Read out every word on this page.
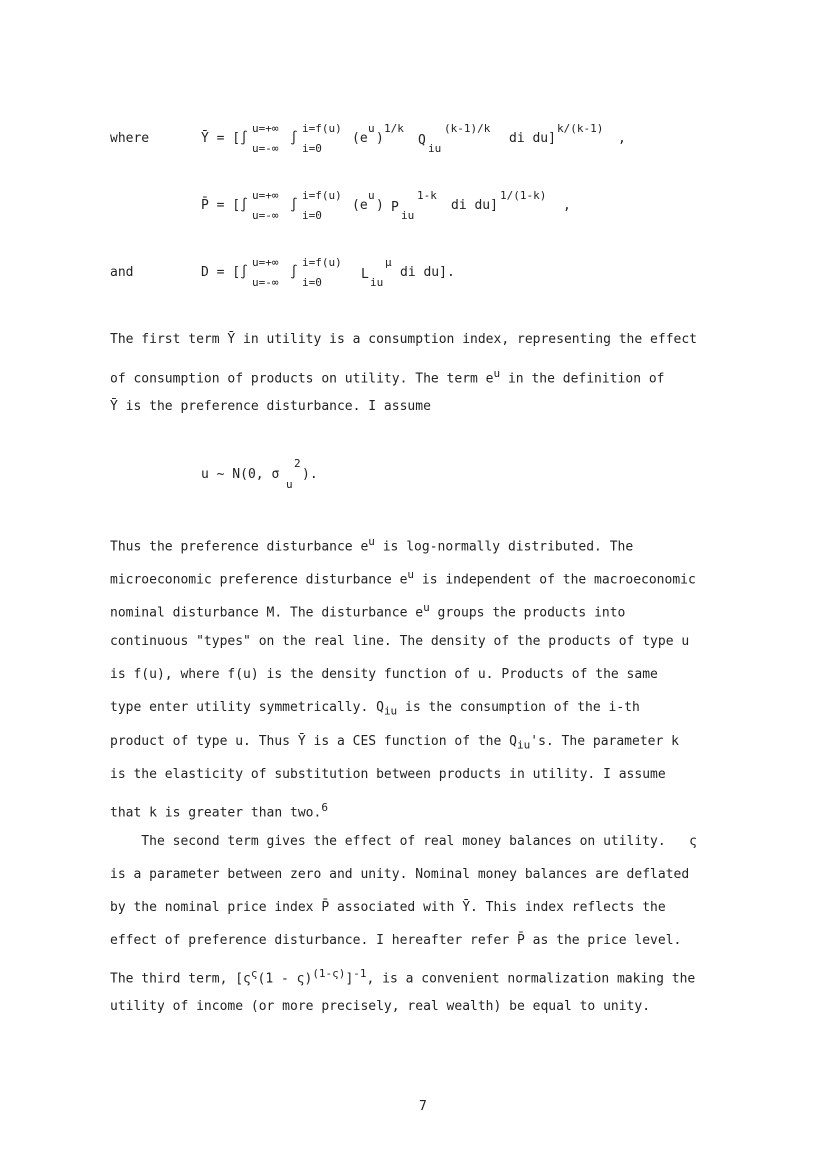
where	Ȳ = [∫
u=+∞
u=-∞
∫
i=f(u)
i=0
(e
u
)
1/k
Q
iu
(k-1)/k
di du]
k/(k-1)
,
P̄ = [∫
u=+∞
u=-∞
∫
i=f(u)
i=0
(e
u
) P
iu
1-k
di du]
1/(1-k)
,
and	D = [∫
u=+∞
u=-∞
∫
i=f(u)
i=0
L
iu
μ
di du].
The first term Ȳ in utility is a consumption index, representing the effect
of consumption of products on utility. The term $e^u$ in the definition of
Ȳ is the preference disturbance. I assume
u ~ N(0, σ
2
u
).
Thus the preference disturbance $e^u$ is log-normally distributed. The
microeconomic preference disturbance $e^u$ is independent of the macroeconomic
nominal disturbance M. The disturbance $e^u$ groups the products into
continuous "types" on the real line. The density of the products of type u
is f(u), where f(u) is the density function of u. Products of the same
type enter utility symmetrically. $Q_{iu}$ is the consumption of the i-th
product of type u. Thus Ȳ is a CES function of the $Q_{iu}'s$. The parameter k
is the elasticity of substitution between products in utility. I assume
that k is greater than two.$^6$
The second term gives the effect of real money balances on utility.   ς
is a parameter between zero and unity. Nominal money balances are deflated
by the nominal price index P̄ associated with Ȳ. This index reflects the
effect of preference disturbance. I hereafter refer P̄ as the price level.
The third term, $[\varsigma^\varsigma(1 - \varsigma)^{(1-\varsigma)}]^{-1}$, is a convenient normalization making the
utility of income (or more precisely, real wealth) be equal to unity.
7
